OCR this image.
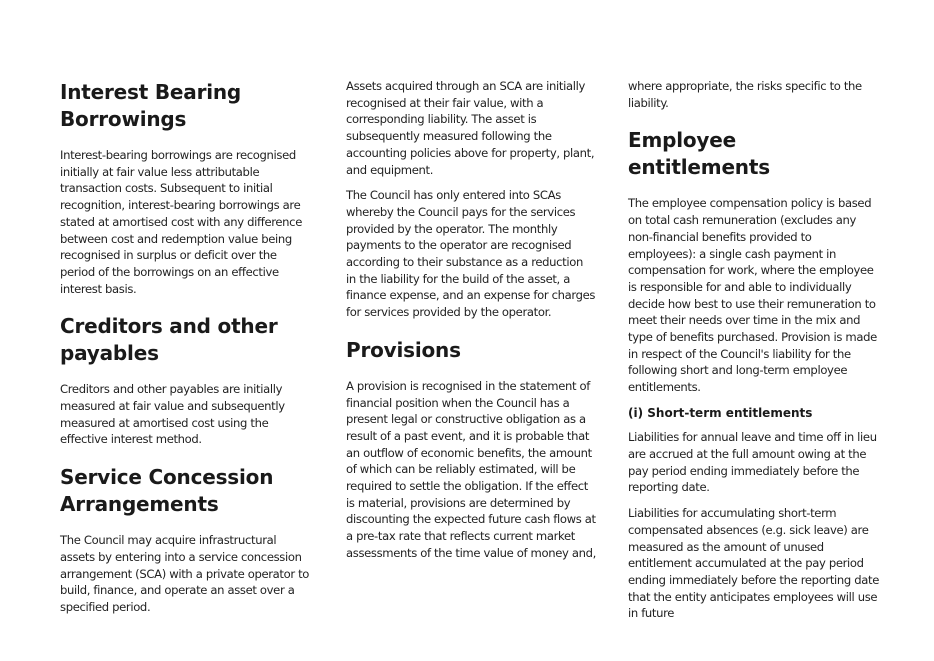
Interest Bearing Borrowings

Interest-bearing borrowings are recognised initially at fair value less attributable transaction costs. Subsequent to initial recognition, interest-bearing borrowings are stated at amortised cost with any difference between cost and redemption value being recognised in surplus or deficit over the period of the borrowings on an effective interest basis.

Creditors and other payables

Creditors and other payables are initially measured at fair value and subsequently measured at amortised cost using the effective interest method.

Service Concession Arrangements

The Council may acquire infrastructural assets by entering into a service concession arrangement (SCA) with a private operator to build, finance, and operate an asset over a specified period.

Assets acquired through an SCA are initially recognised at their fair value, with a corresponding liability. The asset is subsequently measured following the accounting policies above for property, plant, and equipment.

The Council has only entered into SCAs whereby the Council pays for the services provided by the operator. The monthly payments to the operator are recognised according to their substance as a reduction in the liability for the build of the asset, a finance expense, and an expense for charges for services provided by the operator.

Provisions

A provision is recognised in the statement of financial position when the Council has a present legal or constructive obligation as a result of a past event, and it is probable that an outflow of economic benefits, the amount of which can be reliably estimated, will be required to settle the obligation. If the effect is material, provisions are determined by discounting the expected future cash flows at a pre-tax rate that reflects current market assessments of the time value of money and,

where appropriate, the risks specific to the liability.

Employee entitlements

The employee compensation policy is based on total cash remuneration (excludes any non-financial benefits provided to employees): a single cash payment in compensation for work, where the employee is responsible for and able to individually decide how best to use their remuneration to meet their needs over time in the mix and type of benefits purchased. Provision is made in respect of the Council's liability for the following short and long-term employee entitlements.

(i) Short-term entitlements

Liabilities for annual leave and time off in lieu are accrued at the full amount owing at the pay period ending immediately before the reporting date.

Liabilities for accumulating short-term compensated absences (e.g. sick leave) are measured as the amount of unused entitlement accumulated at the pay period ending immediately before the reporting date that the entity anticipates employees will use in future
